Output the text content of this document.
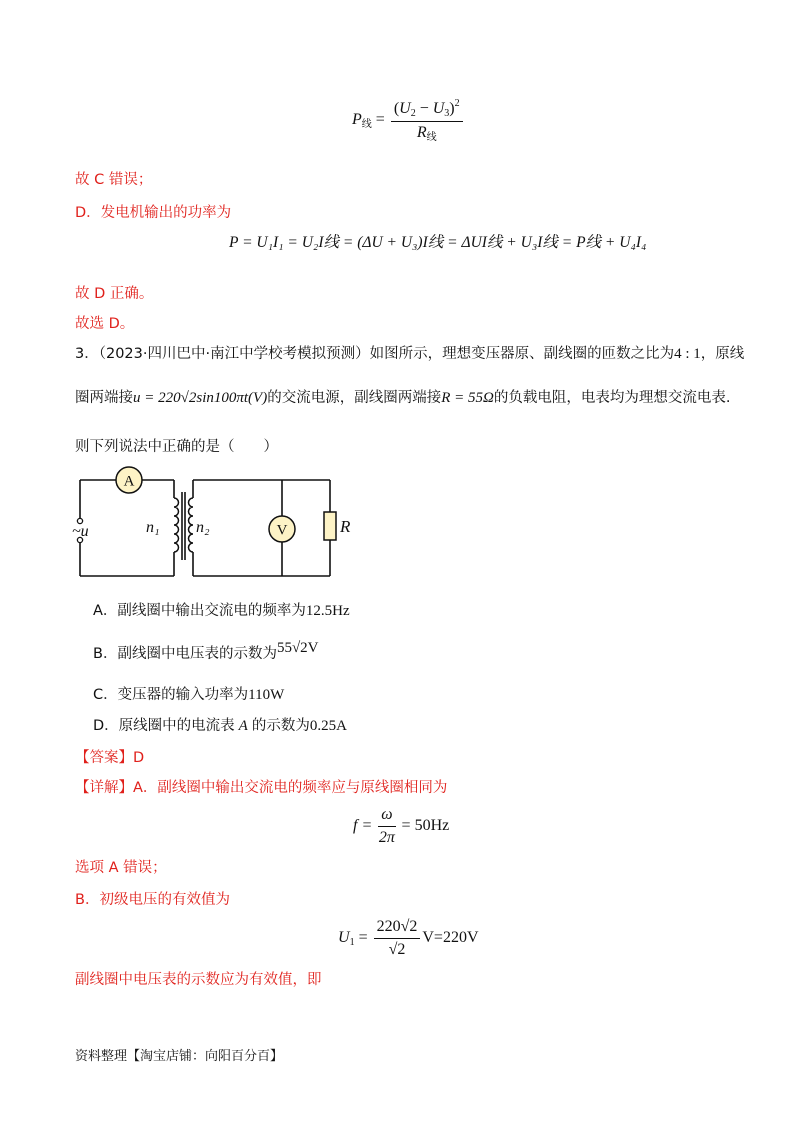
$P_线 = \frac{(U_2 - U_3)^2}{R_线}$
故 C 错误；
D．发电机输出的功率为
P = U₁I₁ = U₂I线 = (ΔU + U₃)I线 = ΔUI线 + U₃I线 = P线 + U₄I₄
故 D 正确。
故选 D。
3．（2023·四川巴中·南江中学校考模拟预测）如图所示，理想变压器原、副线圈的匝数之比为4 : 1，原线
圈两端接u = 220√2sin100πt(V)的交流电源，副线圈两端接R = 55Ω的负载电阻，电表均为理想交流电表.
则下列说法中正确的是（　　）
~u
A
V	R
n₁ n₂
A．副线圈中输出交流电的频率为12.5Hz
B．副线圈中电压表的示数为55√2V
C．变压器的输入功率为110W
D．原线圈中的电流表 A 的示数为0.25A
【答案】D
【详解】A．副线圈中输出交流电的频率应与原线圈相同为
$f = \frac{\omega}{2\pi} = 50Hz$
选项 A 错误；
B．初级电压的有效值为
$U_1 = \frac{220√2}{√2} V=220V$
副线圈中电压表的示数应为有效值，即
资料整理【淘宝店铺：向阳百分百】
